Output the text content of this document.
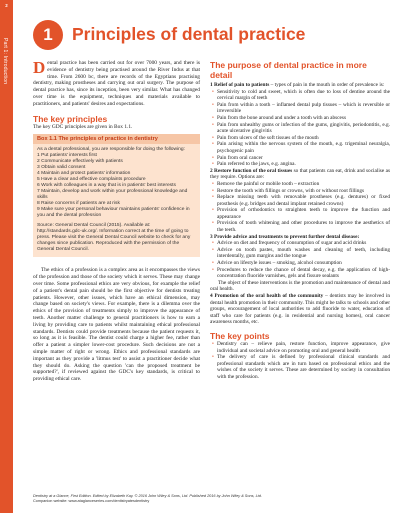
2
Part 1: Introduction
1	Principles of dental practice

Dental practice has been carried out for over 7000 years, and there is evidence of dentistry being practised around the River Indus at that time. From 2600 bc, there are records of the Egyptians practising dentistry, making prostheses and carrying out oral surgery. The purpose of dental practice has, since its inception, been very similar. What has changed over time is the equipment, techniques and materials available to practitioners, and patients' desires and expectations.

The key principles

The key GDC principles are given in Box 1.1.

Box 1.1 The principles of practice in dentistry
As a dental professional, you are responsible for doing the following:
1 Put patients' interests first
2 Communicate effectively with patients
3 Obtain valid consent
4 Maintain and protect patients' information
5 Have a clear and effective complaints procedure
6 Work with colleagues in a way that is in patients' best interests
7 Maintain, develop and work within your professional knowledge and skills
8 Raise concerns if patients are at risk
9 Make sure your personal behaviour maintains patients' confidence in you and the dental profession
Source: General Dental Council (2015). Available at: http://standards.gdc-uk.org/. Information correct at the time of going to press. Please visit the General Dental Council website to check for any changes since publication. Reproduced with the permission of the General Dental Council.

The ethics of a profession is a complex area as it encompasses the views of the profession and those of the society which it serves. These may change over time. Some professional ethics are very obvious, for example the relief of a patient's dental pain should be the first objective for dentists treating patients. However, other issues, which have an ethical dimension, may change based on society's views. For example, there is a dilemma over the ethics of the provision of treatments simply to improve the appearance of teeth. Another matter challenge to general practitioners is how to earn a living by providing care to patients whilst maintaining ethical professional standards. Dentists could provide treatments because the patient requests it, so long as it is feasible. The dentist could charge a higher fee, rather than offer a patient a simpler lower-cost procedure. Such decisions are not a simple matter of right or wrong. Ethics and professional standards are important as they provide a 'litmus test' to assist a practitioner decide what they should do. Asking the question 'can the proposed treatment be supported?', if reviewed against the GDC's key standards, is critical to providing ethical care.

The purpose of dental practice in more detail
1 Relief of pain to patients – types of pain in the mouth in order of prevalence is:
• Sensitivity to cold and sweet, which is often due to loss of dentine around the cervical margin of teeth
• Pain from within a tooth – inflamed dental pulp tissues – which is reversible or irreversible
• Pain from the bone around and under a tooth with an abscess
• Pain from unhealthy gums or infection of the gums, gingivitis, periodontitis, e.g. acute ulcerative gingivitis
• Pain from ulcers of the soft tissues of the mouth
• Pain arising within the nervous system of the mouth, e.g. trigeminal neuralgia, psychogenic pain
• Pain from oral cancer
• Pain referred to the jaws, e.g. angina.
2 Restore function of the oral tissues so that patients can eat, drink and socialise as they require. Options are:
• Remove the painful or mobile tooth – extraction
• Restore the tooth with fillings or crowns, with or without root fillings
• Replace missing teeth with removable prostheses (e.g. dentures) or fixed prosthesis (e.g. bridges and dental implant retained crowns)
• Provision of orthodontics to straighten teeth to improve the function and appearance
• Provision of tooth whitening and other procedures to improve the aesthetics of the teeth.
3 Provide advice and treatments to prevent further dental disease:
• Advice on diet and frequency of consumption of sugar and acid drinks
• Advice on tooth pastes, mouth washes and cleaning of teeth, including interdentally, gum margins and the tongue
• Advice on lifestyle issues – smoking, alcohol consumption
• Procedures to reduce the chance of dental decay, e.g. the application of high-concentration fluoride varnishes, gels and fissure sealants

The object of these interventions is the promotion and maintenance of dental and oral health.

4 Promotion of the oral health of the community – dentists may be involved in dental health promotion in their community. This might be talks to schools and other groups, encouragement of local authorities to add fluoride to water, education of staff who care for patients (e.g. in residential and nursing homes), oral cancer awareness months, etc.
The key points
• Dentistry can – relieve pain, restore function, improve appearance, give individual and societal advice on promoting oral and general health
• The delivery of care is defined by professional clinical standards and professional standards which are in turn based on professional ethics and the wishes of the society it serves. These are determined by society in consultation with the profession.
Dentistry at a Glance, First Edition. Edited by Elizabeth Kay. © 2016 John Wiley & Sons, Ltd. Published 2016 by John Wiley & Sons, Ltd.
Companion website: www.ataglanceseries.com/dentistryatesdentistry
